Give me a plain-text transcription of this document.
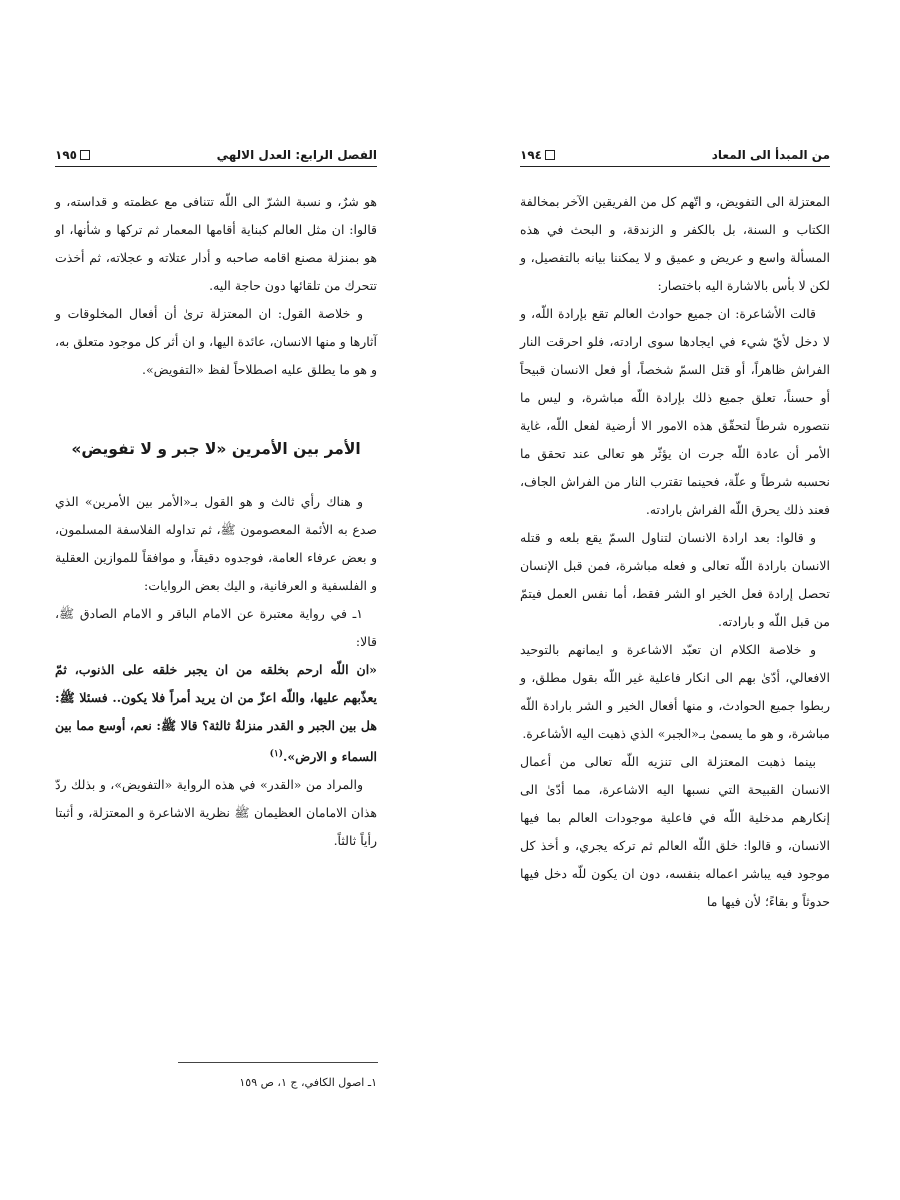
الفصل الرابع: العدل الالهي
١٩٥

هو شرٌ، و نسبة الشرّ الى اللّه تتنافى مع عظمته و قداسته، و قالوا: ان مثل العالم كبناية أقامها المعمار ثم تركها و شأنها، او هو بمنزلة مصنع اقامه صاحبه و أدار عتلاته و عجلاته، ثم أخذت تتحرك من تلقائها دون حاجة اليه.

و خلاصة القول: ان المعتزلة ترىٰ أن أفعال المخلوقات و آثارها و منها الانسان، عائدة اليها، و ان أثر كل موجود متعلق به، و هو ما يطلق عليه اصطلاحاً لفظ «التفويض».

الأمر بين الأمرين «لا جبر و لا تفويض»

و هناك رأي ثالث و هو القول بـ«الأمر بين الأمرين» الذي صدع به الأئمة المعصومون ﷺ، ثم تداوله الفلاسفة المسلمون، و بعض عرفاء العامة، فوجدوه دقيقاً، و موافقاً للموازين العقلية و الفلسفية و العرفانية، و اليك بعض الروايات:

١ـ في رواية معتبرة عن الامام الباقر و الامام الصادق ﷺ، قالا:

«ان اللّه ارحم بخلقه من ان يجبر خلقه على الذنوب، ثمّ يعذّبهم عليها، واللّه اعزّ من ان يريد أمراً فلا يكون.. فسئلا ﷺ: هل بين الجبر و القدر منزلةٌ ثالثة؟ قالا ﷺ: نعم، أوسع مما بين السماء و الارض».$^{(١)}$

والمراد من «القدر» في هذه الرواية «التفويض»، و بذلك ردّ هذان الامامان العظيمان ﷺ نظرية الاشاعرة و المعتزلة، و أثبتا رأياً ثالثاً.

١ـ اصول الكافي، ج ١، ص ١٥٩
من المبدأ الى المعاد
١٩٤

المعتزلة الى التفويض، و اتّهم كل من الفريقين الآخر بمخالفة الكتاب و السنة، بل بالكفر و الزندقة، و البحث في هذه المسألة واسع و عريض و عميق و لا يمكننا بيانه بالتفصيل، و لكن لا بأس بالاشارة اليه باختصار:

قالت الأشاعرة: ان جميع حوادث العالم تقع بإرادة اللّه، و لا دخل لأيّ شيء في ايجادها سوى ارادته، فلو احرقت النار الفراش ظاهراً، أو قتل السمّ شخصاً، أو فعل الانسان قبيحاً أو حسناً، تعلق جميع ذلك بإرادة اللّه مباشرة، و ليس ما نتصوره شرطاً لتحقّق هذه الامور الا أرضية لفعل اللّه، غاية الأمر أن عادة اللّه جرت ان يؤثّر هو تعالى عند تحقق ما نحسبه شرطاً و علّة، فحينما تقترب النار من الفراش الجاف، فعند ذلك يحرق اللّه الفراش بارادته.

و قالوا: بعد ارادة الانسان لتناول السمّ يقع بلعه و قتله الانسان بارادة اللّه تعالى و فعله مباشرة، فمن قبل الإنسان تحصل إرادة فعل الخير او الشر فقط، أما نفس العمل فيتمّ من قبل اللّه و بارادته.

و خلاصة الكلام ان تعبّد الاشاعرة و ايمانهم بالتوحيد الافعالي، أدّىٰ بهم الى انكار فاعلية غير اللّه بقول مطلق، و ربطوا جميع الحوادث، و منها أفعال الخير و الشر بارادة اللّه مباشرة، و هو ما يسمىٰ بـ«الجبر» الذي ذهبت اليه الأشاعرة.

بينما ذهبت المعتزلة الى تنزيه اللّه تعالى من أعمال الانسان القبيحة التي نسبها اليه الاشاعرة، مما أدّىٰ الى إنكارهم مدخلية اللّه في فاعلية موجودات العالم بما فيها الانسان، و قالوا: خلق اللّه العالم ثم تركه يجري، و أخذ كل موجود فيه يباشر اعماله بنفسه، دون ان يكون للّه دخل فيها حدوثاً و بقاءً؛ لأن فيها ما
